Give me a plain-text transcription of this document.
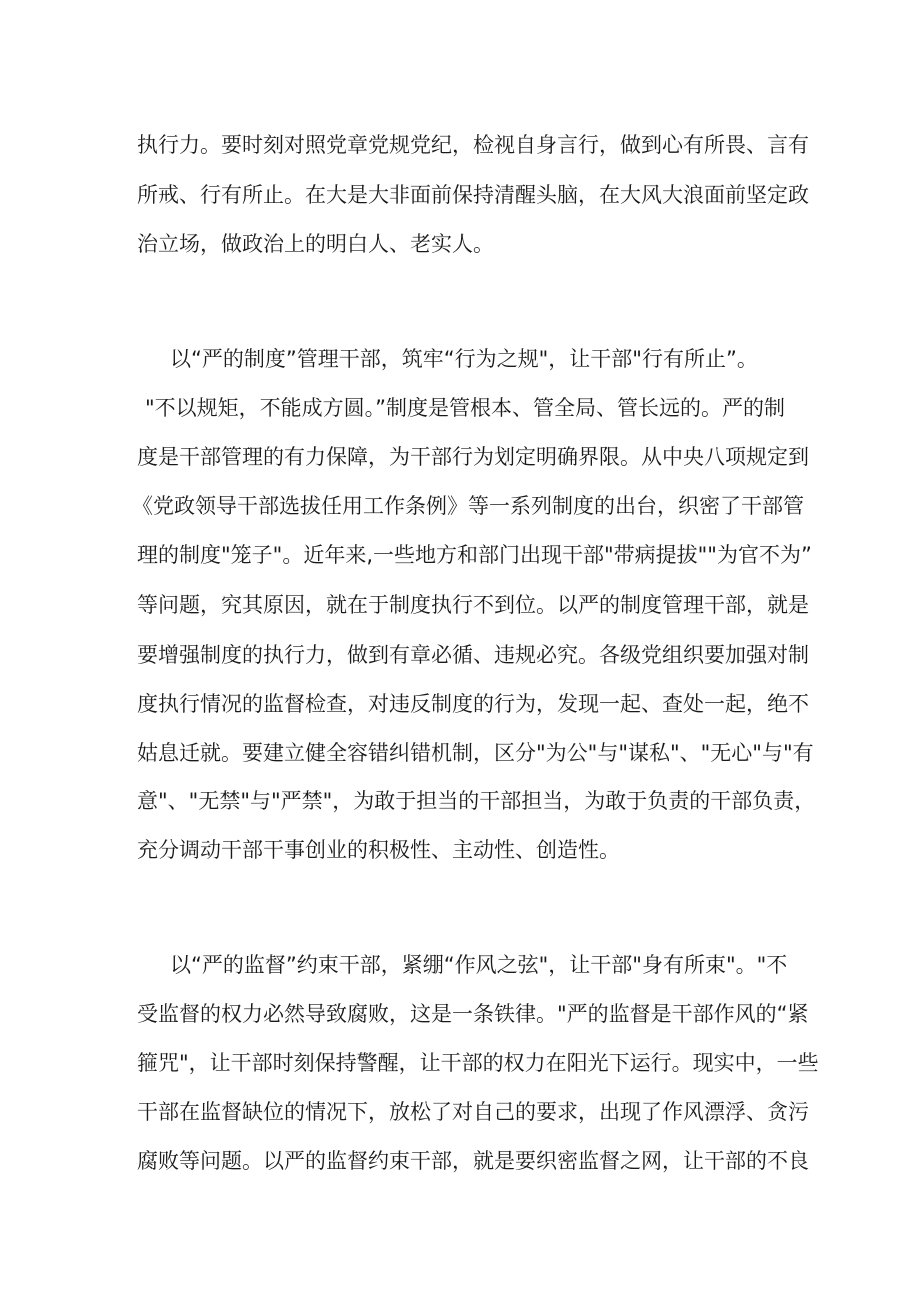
执行力。要时刻对照党章党规党纪，检视自身言行，做到心有所畏、言有
所戒、行有所止。在大是大非面前保持清醒头脑，在大风大浪面前坚定政
治立场，做政治上的明白人、老实人。
以“严的制度”管理干部，筑牢“行为之规"，让干部"行有所止”。
"不以规矩，不能成方圆。”制度是管根本、管全局、管长远的。严的制
度是干部管理的有力保障，为干部行为划定明确界限。从中央八项规定到
《党政领导干部选拔任用工作条例》等一系列制度的出台，织密了干部管
理的制度"笼子"。近年来,一些地方和部门出现干部"带病提拔""为官不为”
等问题，究其原因，就在于制度执行不到位。以严的制度管理干部，就是
要增强制度的执行力，做到有章必循、违规必究。各级党组织要加强对制
度执行情况的监督检查，对违反制度的行为，发现一起、查处一起，绝不
姑息迁就。要建立健全容错纠错机制，区分"为公"与"谋私"、"无心"与"有
意"、"无禁"与"严禁"，为敢于担当的干部担当，为敢于负责的干部负责，
充分调动干部干事创业的积极性、主动性、创造性。
以“严的监督”约束干部，紧绷“作风之弦"，让干部"身有所束"。"不
受监督的权力必然导致腐败，这是一条铁律。"严的监督是干部作风的“紧
箍咒"，让干部时刻保持警醒，让干部的权力在阳光下运行。现实中，一些
干部在监督缺位的情况下，放松了对自己的要求，出现了作风漂浮、贪污
腐败等问题。以严的监督约束干部，就是要织密监督之网，让干部的不良
